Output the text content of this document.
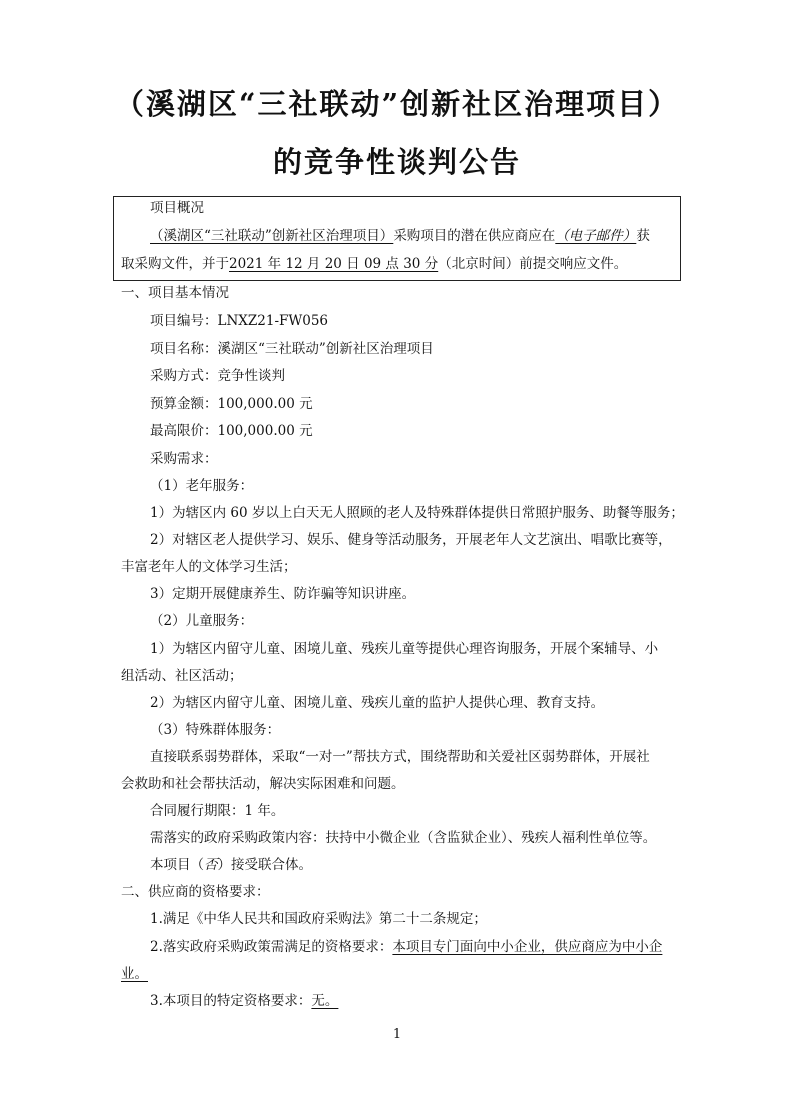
（溪湖区“三社联动”创新社区治理项目）
的竞争性谈判公告
项目概况
（溪湖区“三社联动”创新社区治理项目）采购项目的潜在供应商应在（电子邮件）获
取采购文件，并于2021 年 12 月 20 日 09 点 30 分（北京时间）前提交响应文件。
一、项目基本情况
项目编号：LNXZ21-FW056
项目名称：溪湖区“三社联动”创新社区治理项目
采购方式：竞争性谈判
预算金额：100,000.00 元
最高限价：100,000.00 元
采购需求：
（1）老年服务：
1）为辖区内 60 岁以上白天无人照顾的老人及特殊群体提供日常照护服务、助餐等服务；
2）对辖区老人提供学习、娱乐、健身等活动服务，开展老年人文艺演出、唱歌比赛等，
丰富老年人的文体学习生活；
3）定期开展健康养生、防诈骗等知识讲座。
（2）儿童服务：
1）为辖区内留守儿童、困境儿童、残疾儿童等提供心理咨询服务，开展个案辅导、小
组活动、社区活动；
2）为辖区内留守儿童、困境儿童、残疾儿童的监护人提供心理、教育支持。
（3）特殊群体服务：
直接联系弱势群体，采取“一对一”帮扶方式，围绕帮助和关爱社区弱势群体，开展社
会救助和社会帮扶活动，解决实际困难和问题。
合同履行期限：1 年。
需落实的政府采购政策内容：扶持中小微企业（含监狱企业）、残疾人福利性单位等。
本项目（否）接受联合体。
二、供应商的资格要求：
1.满足《中华人民共和国政府采购法》第二十二条规定；
2.落实政府采购政策需满足的资格要求：本项目专门面向中小企业，供应商应为中小企
业。
3.本项目的特定资格要求：无。
1
